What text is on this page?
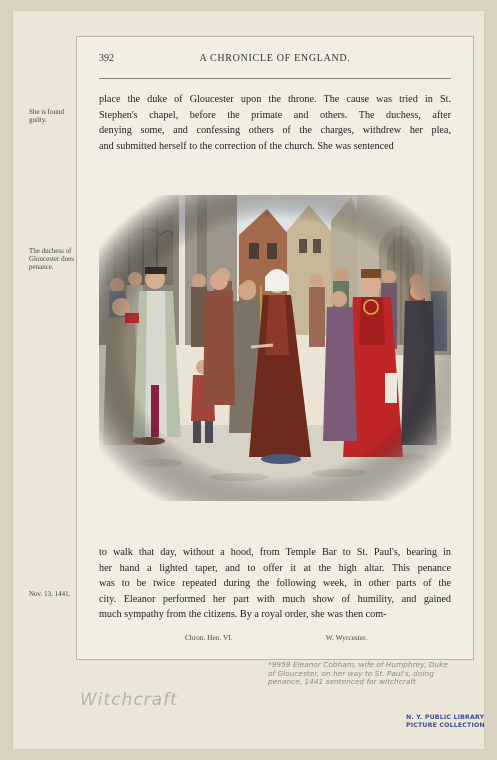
392	A CHRONICLE OF ENGLAND.
place the duke of Gloucester upon the throne. The cause was tried in St.
Stephen's chapel, before the primate and others. The duchess, after
denying some, and confessing others of the charges, withdrew her plea,
and submitted herself to the correction of the church. She was sentenced
to walk that day, without a hood, from Temple Bar to St. Paul's, bearing in
her hand a lighted taper, and to offer it at the high altar. This penance
was to be twice repeated during the following week, in other parts of the
city. Eleanor performed her part with much show of humility, and gained
much sympathy from the citizens. By a royal order, she was then com-
Chron. Hen. VI.	W. Wyrcester.
She is found guilty.
The duchess of Gloucester does penance.
Nov. 13, 1441.
Witchcraft
*9959 Eleanor Cobham, wife of Humphrey, Duke of Gloucester, on her way to St. Paul's, doing penance, 1441 sentenced for witchcraft
N. Y. PUBLIC LIBRARY
PICTURE COLLECTION
